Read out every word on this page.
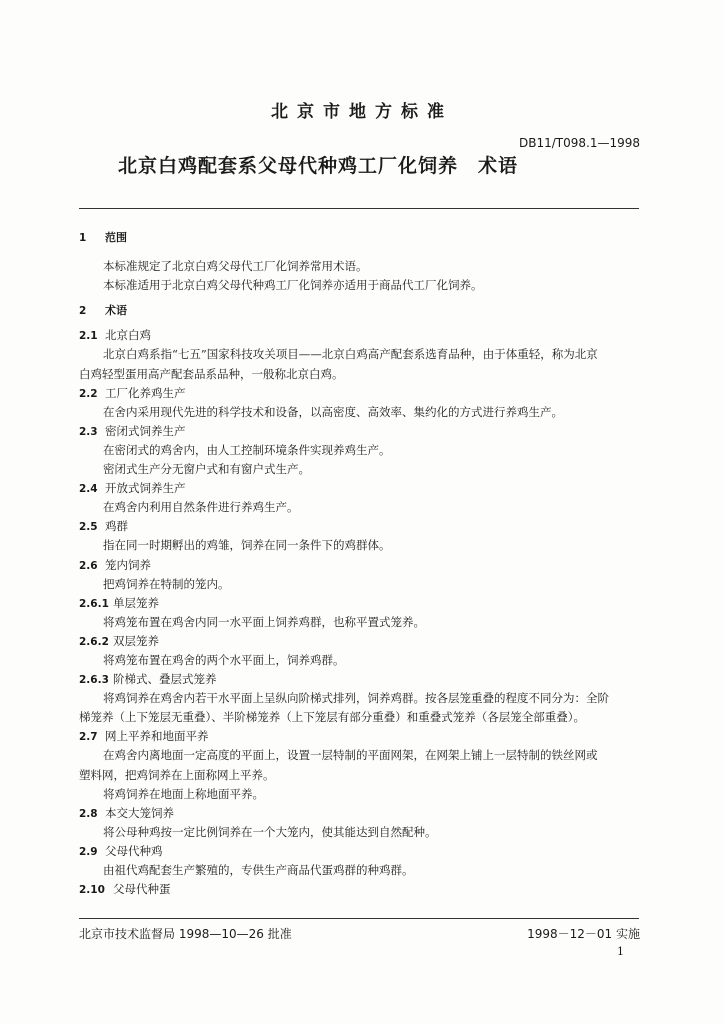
北京市地方标准
DB11/T098.1—1998
北京白鸡配套系父母代种鸡工厂化饲养　术语
1 范围
本标准规定了北京白鸡父母代工厂化饲养常用术语。
本标准适用于北京白鸡父母代种鸡工厂化饲养亦适用于商品代工厂化饲养。
2 术语
2.1 北京白鸡
北京白鸡系指“七五”国家科技攻关项目——北京白鸡高产配套系选育品种，由于体重轻，称为北京
白鸡轻型蛋用高产配套品系品种，一般称北京白鸡。
2.2 工厂化养鸡生产
在舍内采用现代先进的科学技术和设备，以高密度、高效率、集约化的方式进行养鸡生产。
2.3 密闭式饲养生产
在密闭式的鸡舍内，由人工控制环境条件实现养鸡生产。
密闭式生产分无窗户式和有窗户式生产。
2.4 开放式饲养生产
在鸡舍内利用自然条件进行养鸡生产。
2.5 鸡群
指在同一时期孵出的鸡雏，饲养在同一条件下的鸡群体。
2.6 笼内饲养
把鸡饲养在特制的笼内。
2.6.1 单层笼养
将鸡笼布置在鸡舍内同一水平面上饲养鸡群，也称平置式笼养。
2.6.2 双层笼养
将鸡笼布置在鸡舍的两个水平面上，饲养鸡群。
2.6.3 阶梯式、叠层式笼养
将鸡饲养在鸡舍内若干水平面上呈纵向阶梯式排列，饲养鸡群。按各层笼重叠的程度不同分为：全阶
梯笼养（上下笼层无重叠）、半阶梯笼养（上下笼层有部分重叠）和重叠式笼养（各层笼全部重叠）。
2.7 网上平养和地面平养
在鸡舍内离地面一定高度的平面上，设置一层特制的平面网架，在网架上铺上一层特制的铁丝网或
塑料网，把鸡饲养在上面称网上平养。
将鸡饲养在地面上称地面平养。
2.8 本交大笼饲养
将公母种鸡按一定比例饲养在一个大笼内，使其能达到自然配种。
2.9 父母代种鸡
由祖代鸡配套生产繁殖的，专供生产商品代蛋鸡群的种鸡群。
2.10 父母代种蛋
北京市技术监督局 1998—10—26 批准	1998－12－01 实施
1
